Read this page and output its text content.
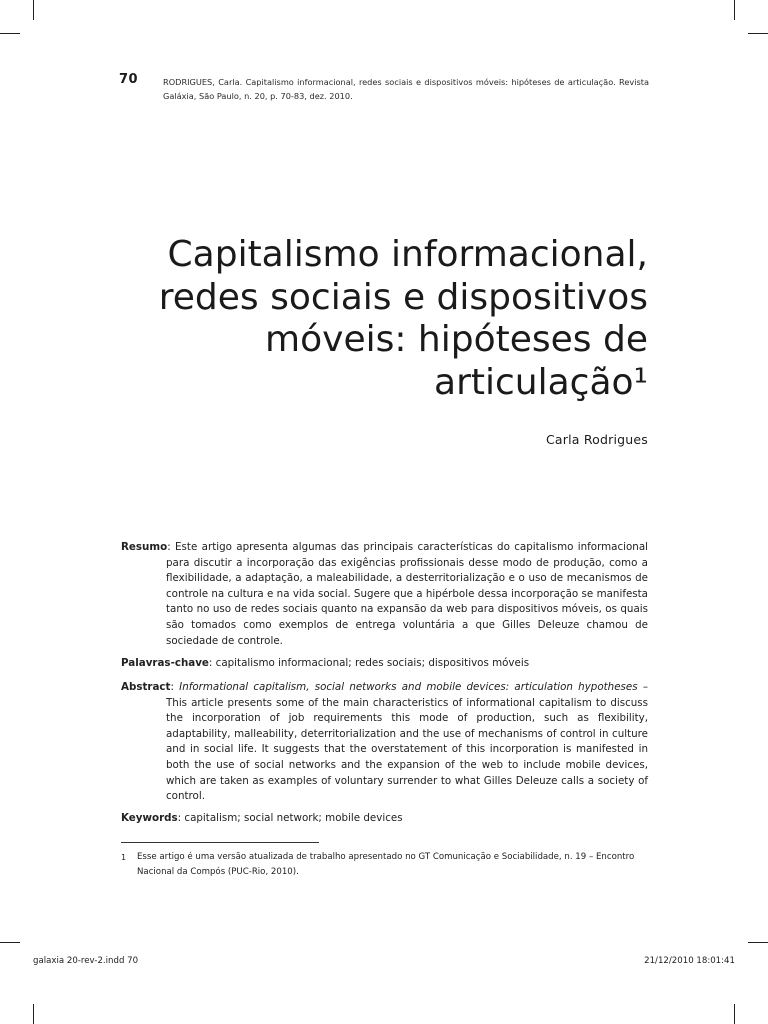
70	RODRIGUES, Carla. Capitalismo informacional, redes sociais e dispositivos móveis: hipóteses de articulação. Revista Galáxia, São Paulo, n. 20, p. 70-83, dez. 2010.
Capitalismo informacional, redes sociais e dispositivos móveis: hipóteses de articulação¹
Carla Rodrigues

Resumo: Este artigo apresenta algumas das principais características do capitalismo informacional para discutir a incorporação das exigências profissionais desse modo de produção, como a flexibilidade, a adaptação, a maleabilidade, a desterritorialização e o uso de mecanismos de controle na cultura e na vida social. Sugere que a hipérbole dessa incorporação se manifesta tanto no uso de redes sociais quanto na expansão da web para dispositivos móveis, os quais são tomados como exemplos de entrega voluntária a que Gilles Deleuze chamou de sociedade de controle.

Palavras-chave: capitalismo informacional; redes sociais; dispositivos móveis

Abstract: Informational capitalism, social networks and mobile devices: articulation hypotheses – This article presents some of the main characteristics of informational capitalism to discuss the incorporation of job requirements this mode of production, such as flexibility, adaptability, malleability, deterritorialization and the use of mechanisms of control in culture and in social life. It suggests that the overstatement of this incorporation is manifested in both the use of social networks and the expansion of the web to include mobile devices, which are taken as examples of voluntary surrender to what Gilles Deleuze calls a society of control.

Keywords: capitalism; social network; mobile devices

1 Esse artigo é uma versão atualizada de trabalho apresentado no GT Comunicação e Sociabilidade, n. 19 – Encontro Nacional da Compós (PUC-Rio, 2010).
galaxia 20-rev-2.indd 70	21/12/2010 18:01:41
